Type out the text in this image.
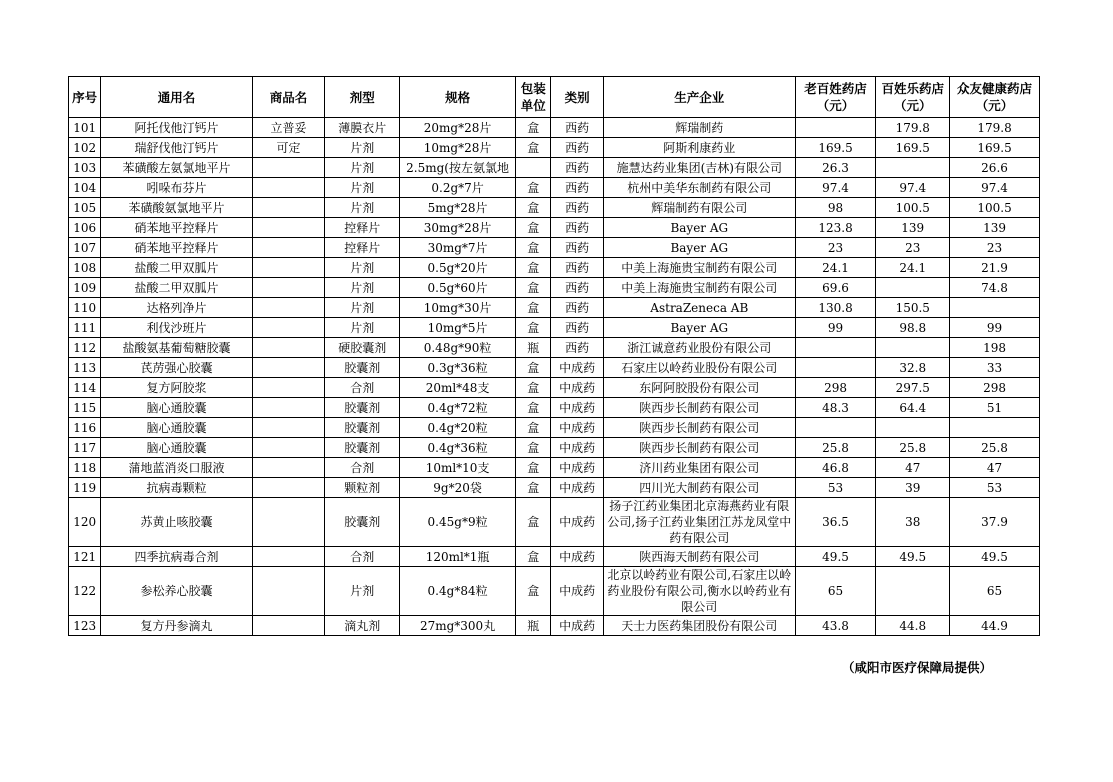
序号	通用名	商品名	剂型	规格	包装单位	类别	生产企业	老百姓药店（元）	百姓乐药店（元）	众友健康药店（元）
101	阿托伐他汀钙片	立普妥	薄膜衣片	20mg*28片	盒	西药	辉瑞制药		179.8	179.8
102	瑞舒伐他汀钙片	可定	片剂	10mg*28片	盒	西药	阿斯利康药业	169.5	169.5	169.5
103	苯磺酸左氨氯地平片		片剂	2.5mg(按左氨氯地		西药	施慧达药业集团(吉林)有限公司	26.3		26.6
104	吲哚布芬片		片剂	0.2g*7片	盒	西药	杭州中美华东制药有限公司	97.4	97.4	97.4
105	苯磺酸氨氯地平片		片剂	5mg*28片	盒	西药	辉瑞制药有限公司	98	100.5	100.5
106	硝苯地平控释片		控释片	30mg*28片	盒	西药	Bayer AG	123.8	139	139
107	硝苯地平控释片		控释片	30mg*7片	盒	西药	Bayer AG	23	23	23
108	盐酸二甲双胍片		片剂	0.5g*20片	盒	西药	中美上海施贵宝制药有限公司	24.1	24.1	21.9
109	盐酸二甲双胍片		片剂	0.5g*60片	盒	西药	中美上海施贵宝制药有限公司	69.6		74.8
110	达格列净片		片剂	10mg*30片	盒	西药	AstraZeneca AB	130.8	150.5	
111	利伐沙班片		片剂	10mg*5片	盒	西药	Bayer AG	99	98.8	99
112	盐酸氨基葡萄糖胶囊		硬胶囊剂	0.48g*90粒	瓶	西药	浙江诚意药业股份有限公司			198
113	芪苈强心胶囊		胶囊剂	0.3g*36粒	盒	中成药	石家庄以岭药业股份有限公司		32.8	33
114	复方阿胶浆		合剂	20ml*48支	盒	中成药	东阿阿胶股份有限公司	298	297.5	298
115	脑心通胶囊		胶囊剂	0.4g*72粒	盒	中成药	陕西步长制药有限公司	48.3	64.4	51
116	脑心通胶囊		胶囊剂	0.4g*20粒	盒	中成药	陕西步长制药有限公司			
117	脑心通胶囊		胶囊剂	0.4g*36粒	盒	中成药	陕西步长制药有限公司	25.8	25.8	25.8
118	蒲地蓝消炎口服液		合剂	10ml*10支	盒	中成药	济川药业集团有限公司	46.8	47	47
119	抗病毒颗粒		颗粒剂	9g*20袋	盒	中成药	四川光大制药有限公司	53	39	53
120	苏黄止咳胶囊		胶囊剂	0.45g*9粒	盒	中成药	扬子江药业集团北京海燕药业有限公司,扬子江药业集团江苏龙凤堂中药有限公司	36.5	38	37.9
121	四季抗病毒合剂		合剂	120ml*1瓶	盒	中成药	陕西海天制药有限公司	49.5	49.5	49.5
122	参松养心胶囊		片剂	0.4g*84粒	盒	中成药	北京以岭药业有限公司,石家庄以岭药业股份有限公司,衡水以岭药业有限公司	65		65
123	复方丹参滴丸		滴丸剂	27mg*300丸	瓶	中成药	天士力医药集团股份有限公司	43.8	44.8	44.9
（咸阳市医疗保障局提供）
